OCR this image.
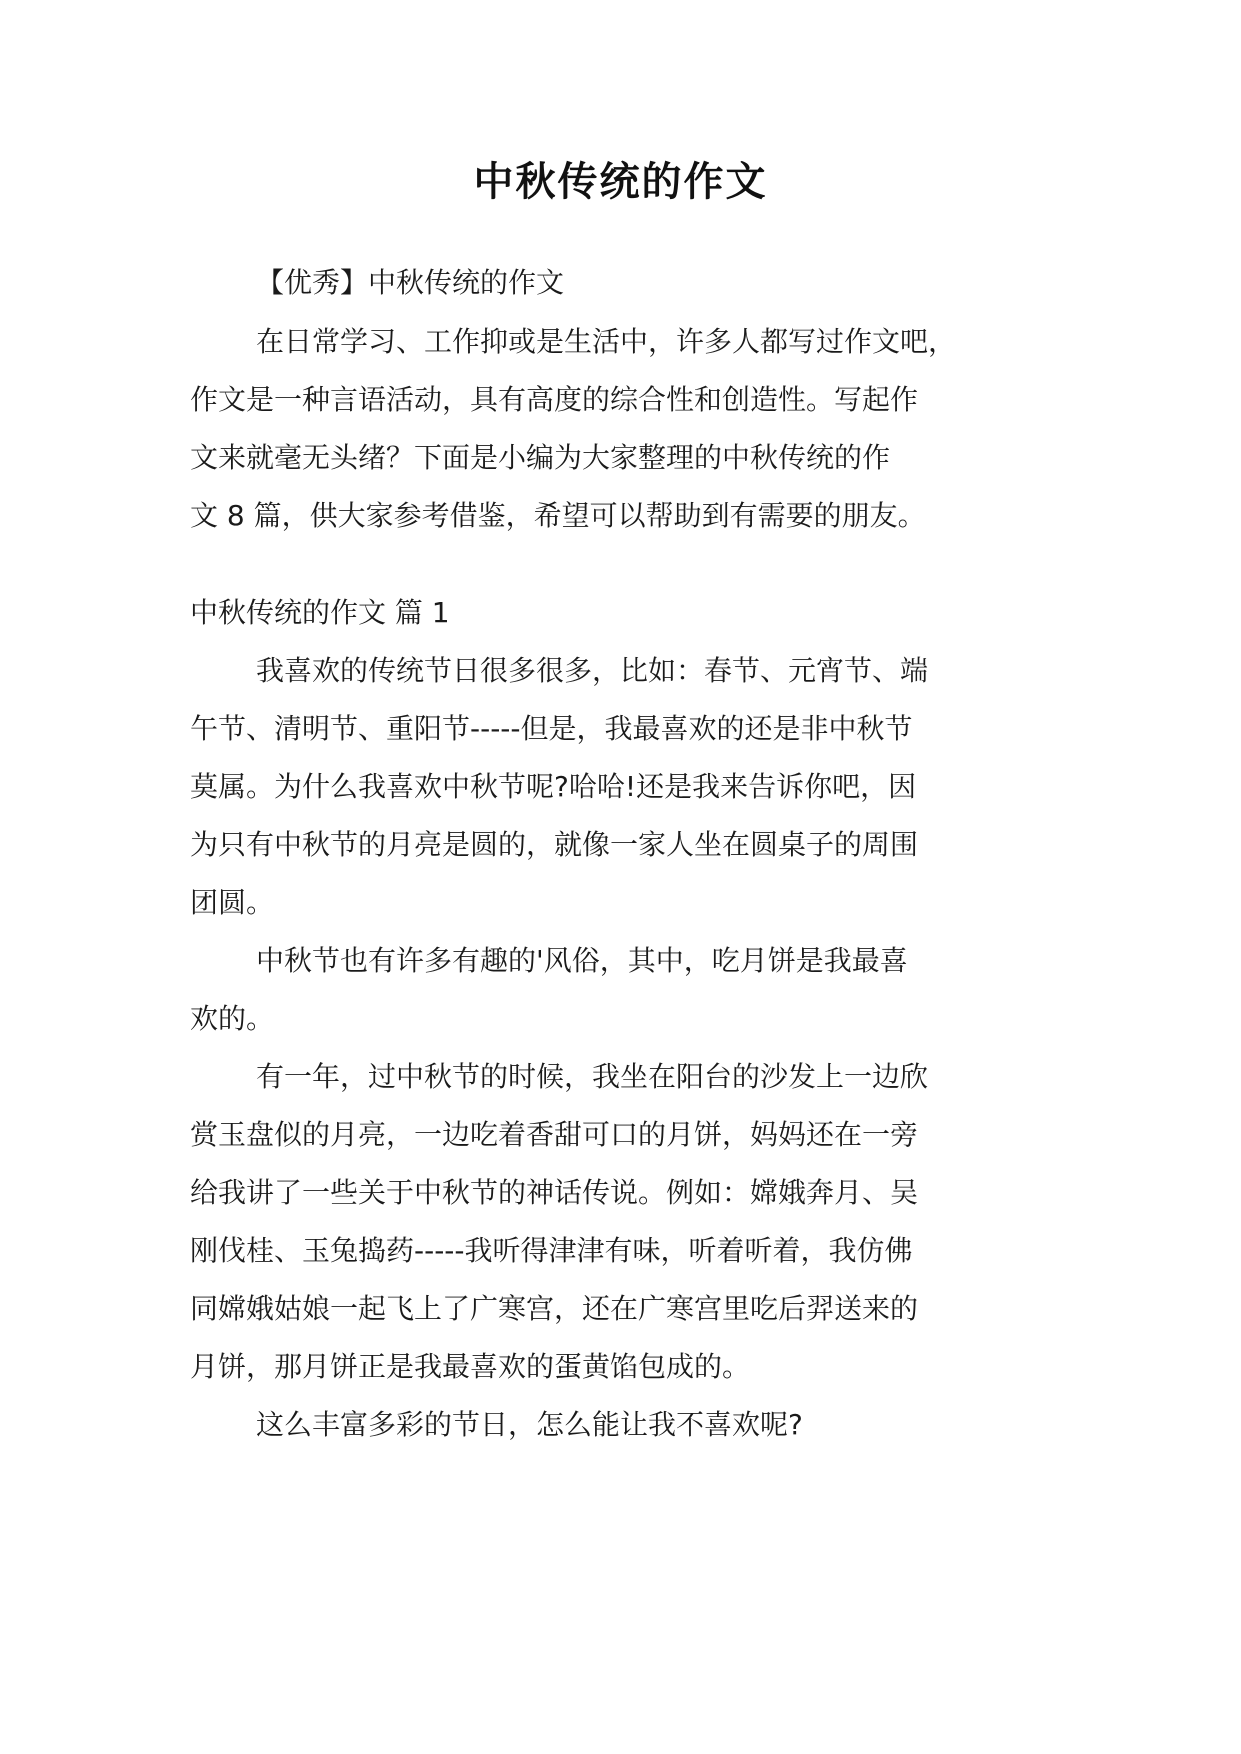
中秋传统的作文
【优秀】中秋传统的作文
在日常学习、工作抑或是生活中，许多人都写过作文吧，
作文是一种言语活动，具有高度的综合性和创造性。写起作
文来就毫无头绪？下面是小编为大家整理的中秋传统的作
文 8 篇，供大家参考借鉴，希望可以帮助到有需要的朋友。
中秋传统的作文 篇 1
我喜欢的传统节日很多很多，比如：春节、元宵节、端
午节、清明节、重阳节-----但是，我最喜欢的还是非中秋节
莫属。为什么我喜欢中秋节呢?哈哈!还是我来告诉你吧，因
为只有中秋节的月亮是圆的，就像一家人坐在圆桌子的周围
团圆。
中秋节也有许多有趣的'风俗，其中，吃月饼是我最喜
欢的。
有一年，过中秋节的时候，我坐在阳台的沙发上一边欣
赏玉盘似的月亮，一边吃着香甜可口的月饼，妈妈还在一旁
给我讲了一些关于中秋节的神话传说。例如：嫦娥奔月、吴
刚伐桂、玉兔捣药-----我听得津津有味，听着听着，我仿佛
同嫦娥姑娘一起飞上了广寒宫，还在广寒宫里吃后羿送来的
月饼，那月饼正是我最喜欢的蛋黄馅包成的。
这么丰富多彩的节日，怎么能让我不喜欢呢?
